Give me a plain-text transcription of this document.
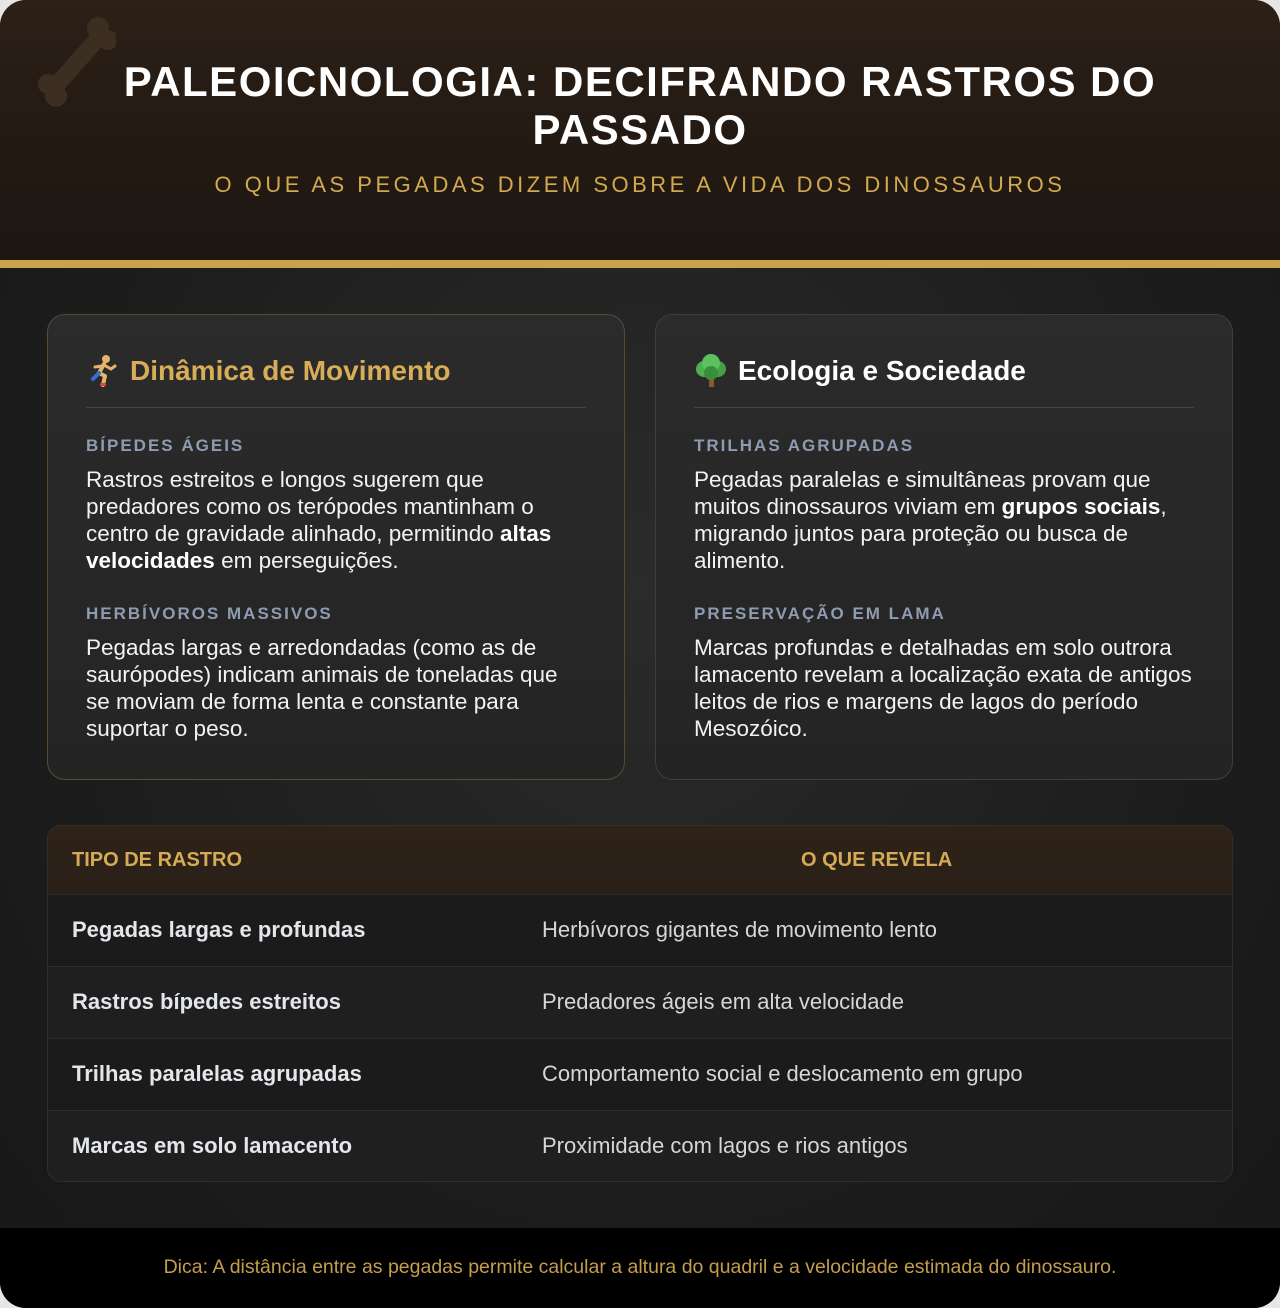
PALEOICNOLOGIA: DECIFRANDO RASTROS DO PASSADO
O QUE AS PEGADAS DIZEM SOBRE A VIDA DOS DINOSSAUROS
Dinâmica de Movimento
BÍPEDES ÁGEIS
Rastros estreitos e longos sugerem que predadores como os terópodes mantinham o centro de gravidade alinhado, permitindo altas velocidades em perseguições.
HERBÍVOROS MASSIVOS
Pegadas largas e arredondadas (como as de saurópodes) indicam animais de toneladas que se moviam de forma lenta e constante para suportar o peso.
Ecologia e Sociedade
TRILHAS AGRUPADAS
Pegadas paralelas e simultâneas provam que muitos dinossauros viviam em grupos sociais, migrando juntos para proteção ou busca de alimento.
PRESERVAÇÃO EM LAMA
Marcas profundas e detalhadas em solo outrora lamacento revelam a localização exata de antigos leitos de rios e margens de lagos do período Mesozóico.
TIPO DE RASTRO	O QUE REVELA
Pegadas largas e profundas	Herbívoros gigantes de movimento lento
Rastros bípedes estreitos	Predadores ágeis em alta velocidade
Trilhas paralelas agrupadas	Comportamento social e deslocamento em grupo
Marcas em solo lamacento	Proximidade com lagos e rios antigos
Dica: A distância entre as pegadas permite calcular a altura do quadril e a velocidade estimada do dinossauro.
